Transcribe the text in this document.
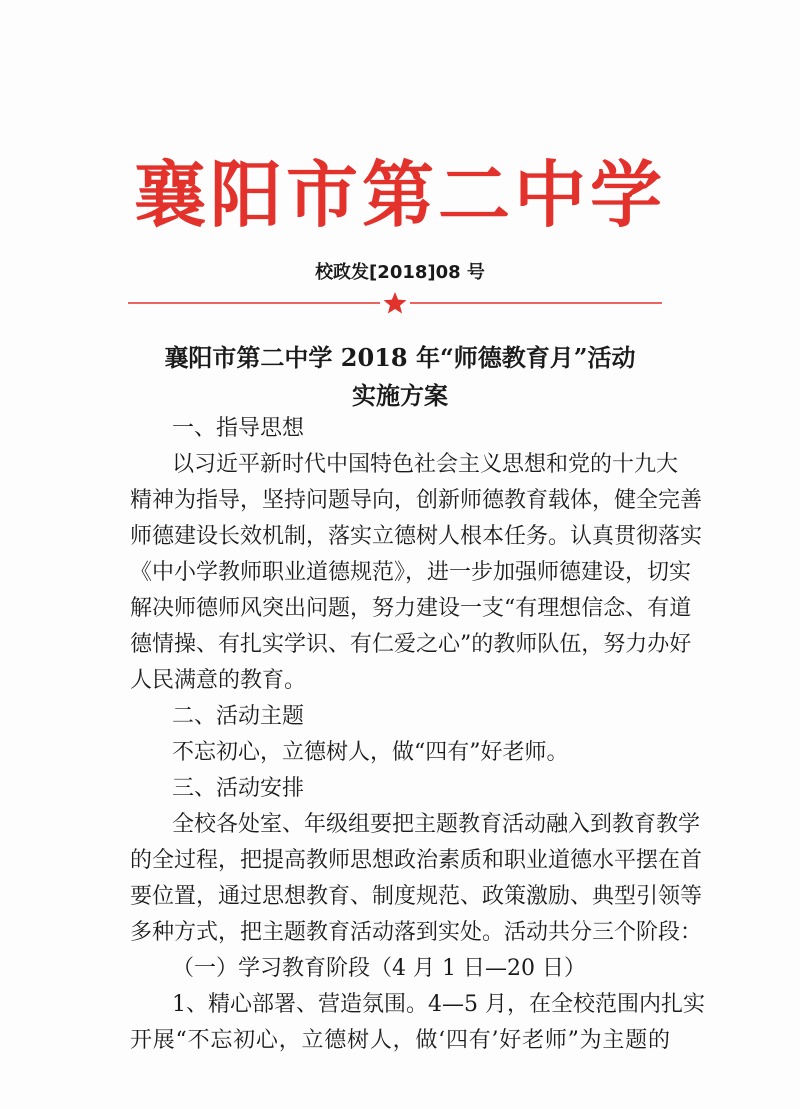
襄阳市第二中学
校政发[2018]08 号
襄阳市第二中学 2018 年“师德教育月”活动
实施方案
一、指导思想
以习近平新时代中国特色社会主义思想和党的十九大
精神为指导，坚持问题导向，创新师德教育载体，健全完善
师德建设长效机制，落实立德树人根本任务。认真贯彻落实
《中小学教师职业道德规范》，进一步加强师德建设，切实
解决师德师风突出问题，努力建设一支“有理想信念、有道
德情操、有扎实学识、有仁爱之心”的教师队伍，努力办好
人民满意的教育。
二、活动主题
不忘初心，立德树人，做“四有”好老师。
三、活动安排
全校各处室、年级组要把主题教育活动融入到教育教学
的全过程，把提高教师思想政治素质和职业道德水平摆在首
要位置，通过思想教育、制度规范、政策激励、典型引领等
多种方式，把主题教育活动落到实处。活动共分三个阶段：
（一）学习教育阶段（4 月 1 日—20 日）
1、精心部署、营造氛围。4—5 月，在全校范围内扎实
开展“不忘初心，立德树人，做‘四有’好老师”为主题的
